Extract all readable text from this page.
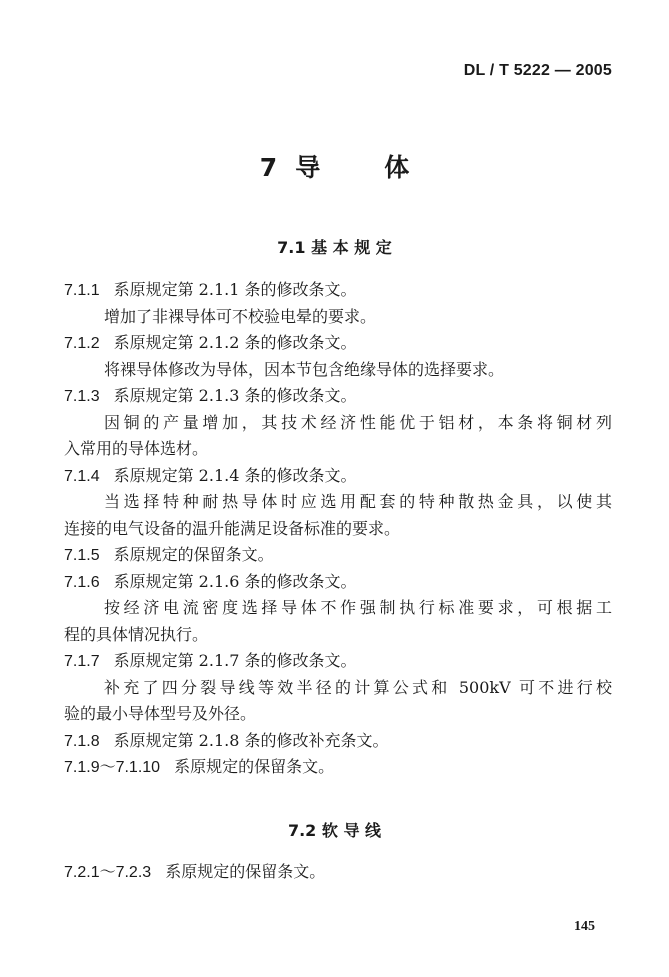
DL / T 5222 — 2005
7 导	体
7.1 基 本 规 定
7.1.1 系原规定第 2.1.1 条的修改条文。
增加了非裸导体可不校验电晕的要求。
7.1.2 系原规定第 2.1.2 条的修改条文。
将裸导体修改为导体，因本节包含绝缘导体的选择要求。
7.1.3 系原规定第 2.1.3 条的修改条文。
因铜的产量增加，其技术经济性能优于铝材，本条将铜材列
入常用的导体选材。
7.1.4 系原规定第 2.1.4 条的修改条文。
当选择特种耐热导体时应选用配套的特种散热金具，以使其
连接的电气设备的温升能满足设备标准的要求。
7.1.5 系原规定的保留条文。
7.1.6 系原规定第 2.1.6 条的修改条文。
按经济电流密度选择导体不作强制执行标准要求，可根据工
程的具体情况执行。
7.1.7 系原规定第 2.1.7 条的修改条文。
补充了四分裂导线等效半径的计算公式和 500kV 可不进行校
验的最小导体型号及外径。
7.1.8 系原规定第 2.1.8 条的修改补充条文。
7.1.9～7.1.10 系原规定的保留条文。
7.2 软 导 线
7.2.1～7.2.3 系原规定的保留条文。
145
